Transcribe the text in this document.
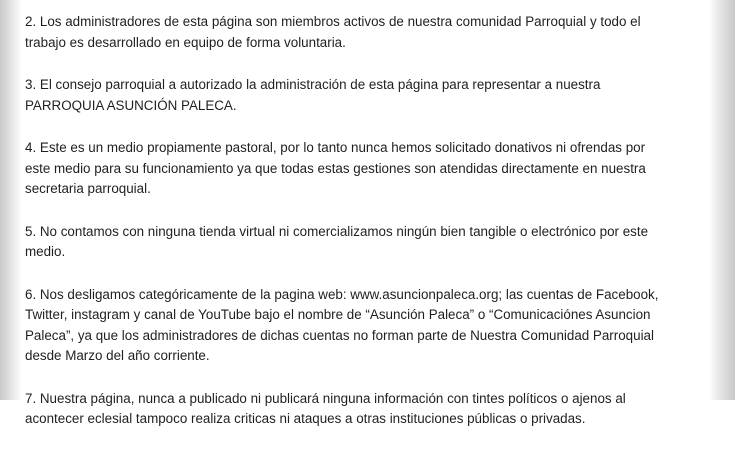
2. Los administradores de esta página son miembros activos de nuestra comunidad Parroquial y todo el
trabajo es desarrollado en equipo de forma voluntaria.

3. El consejo parroquial a autorizado la administración de esta página para representar a nuestra
PARROQUIA ASUNCIÓN PALECA.

4. Este es un medio propiamente pastoral, por lo tanto nunca hemos solicitado donativos ni ofrendas por
este medio para su funcionamiento ya que todas estas gestiones son atendidas directamente en nuestra
secretaria parroquial.

5. No contamos con ninguna tienda virtual ni comercializamos ningún bien tangible o electrónico por este
medio.

6. Nos desligamos categóricamente de la pagina web: www.asuncionpaleca.org; las cuentas de Facebook,
Twitter, instagram y canal de YouTube bajo el nombre de “Asunción Paleca” o “Comunicaciónes Asuncion
Paleca”, ya que los administradores de dichas cuentas no forman parte de Nuestra Comunidad Parroquial
desde Marzo del año corriente.

7. Nuestra página, nunca a publicado ni publicará ninguna información con tintes políticos o ajenos al
acontecer eclesial tampoco realiza criticas ni ataques a otras instituciones públicas o privadas.
